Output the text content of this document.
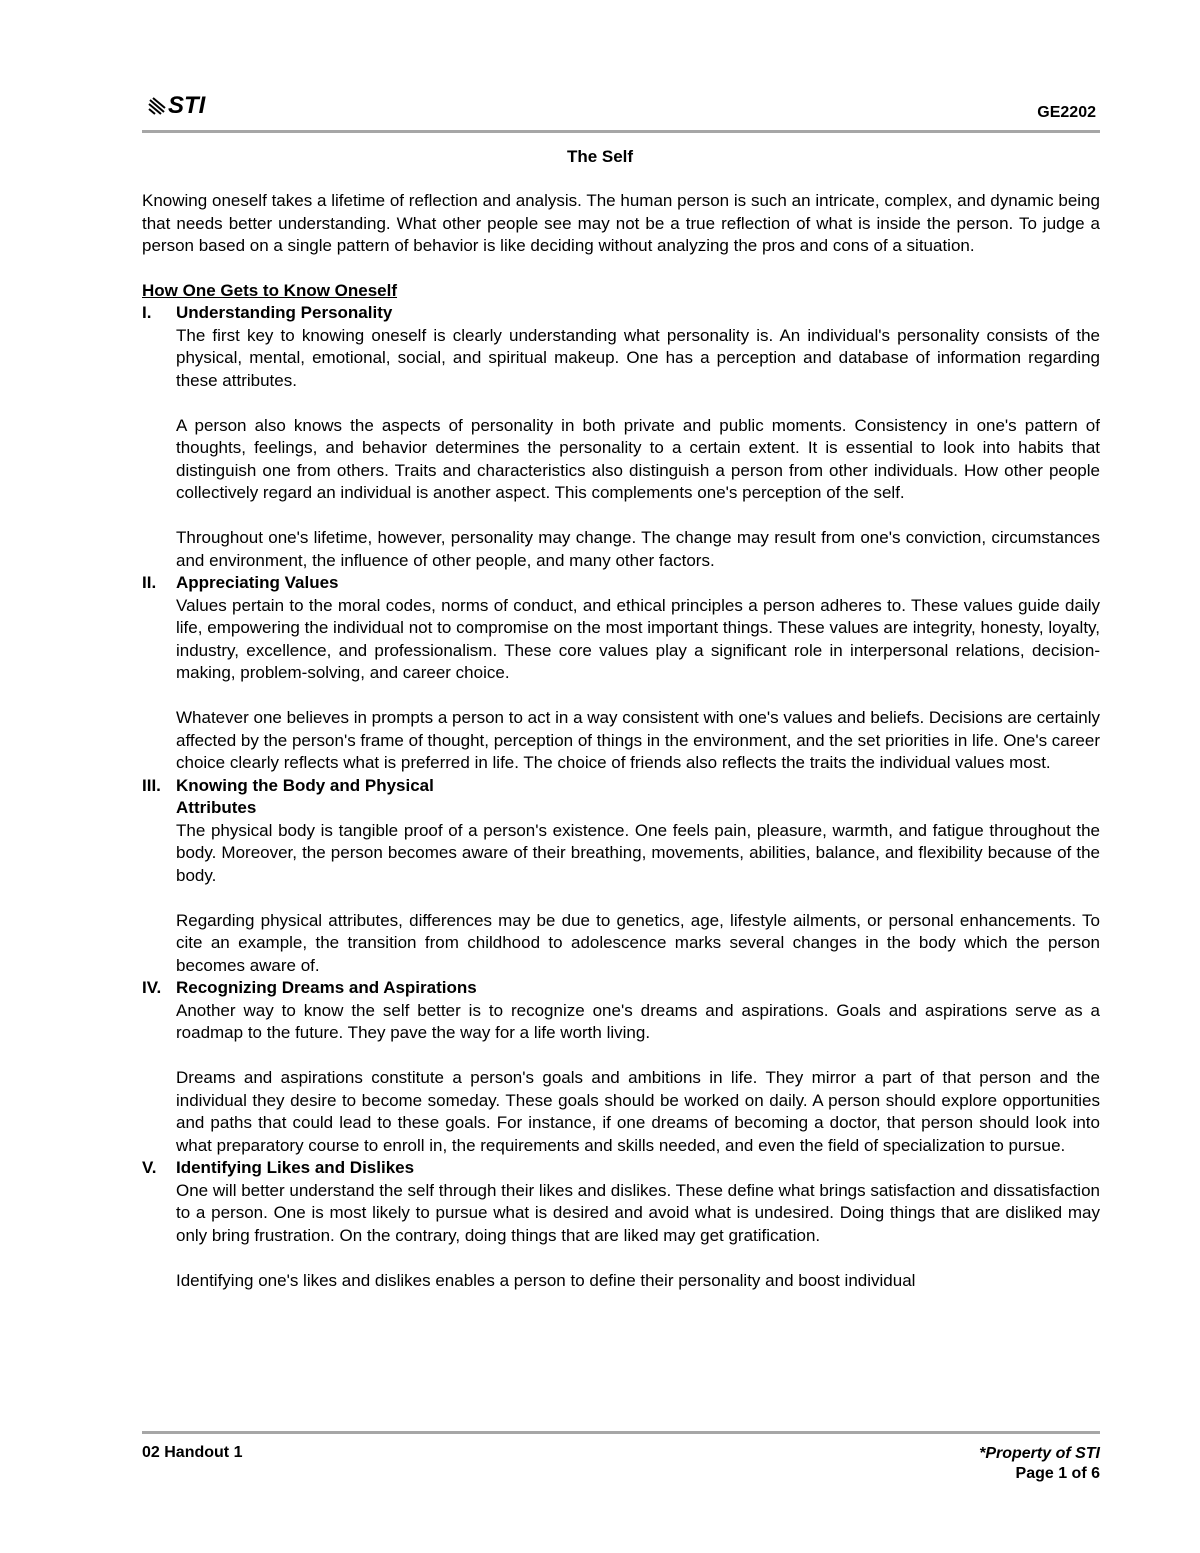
STI	GE2202
The Self

Knowing oneself takes a lifetime of reflection and analysis. The human person is such an intricate, complex, and dynamic being that needs better understanding. What other people see may not be a true reflection of what is inside the person. To judge a person based on a single pattern of behavior is like deciding without analyzing the pros and cons of a situation.

How One Gets to Know Oneself
I.	Understanding Personality

The first key to knowing oneself is clearly understanding what personality is. An individual's personality consists of the physical, mental, emotional, social, and spiritual makeup. One has a perception and database of information regarding these attributes.

A person also knows the aspects of personality in both private and public moments. Consistency in one's pattern of thoughts, feelings, and behavior determines the personality to a certain extent. It is essential to look into habits that distinguish one from others. Traits and characteristics also distinguish a person from other individuals. How other people collectively regard an individual is another aspect. This complements one's perception of the self.

Throughout one's lifetime, however, personality may change. The change may result from one's conviction, circumstances and environment, the influence of other people, and many other factors.

II.	Appreciating Values

Values pertain to the moral codes, norms of conduct, and ethical principles a person adheres to. These values guide daily life, empowering the individual not to compromise on the most important things. These values are integrity, honesty, loyalty, industry, excellence, and professionalism. These core values play a significant role in interpersonal relations, decision-making, problem-solving, and career choice.

Whatever one believes in prompts a person to act in a way consistent with one's values and beliefs. Decisions are certainly affected by the person's frame of thought, perception of things in the environment, and the set priorities in life. One's career choice clearly reflects what is preferred in life. The choice of friends also reflects the traits the individual values most.

III. Knowing the Body and Physical
Attributes

The physical body is tangible proof of a person's existence. One feels pain, pleasure, warmth, and fatigue throughout the body. Moreover, the person becomes aware of their breathing, movements, abilities, balance, and flexibility because of the body.

Regarding physical attributes, differences may be due to genetics, age, lifestyle ailments, or personal enhancements. To cite an example, the transition from childhood to adolescence marks several changes in the body which the person becomes aware of.

IV. Recognizing Dreams and Aspirations

Another way to know the self better is to recognize one's dreams and aspirations. Goals and aspirations serve as a roadmap to the future. They pave the way for a life worth living.

Dreams and aspirations constitute a person's goals and ambitions in life. They mirror a part of that person and the individual they desire to become someday. These goals should be worked on daily. A person should explore opportunities and paths that could lead to these goals. For instance, if one dreams of becoming a doctor, that person should look into what preparatory course to enroll in, the requirements and skills needed, and even the field of specialization to pursue.

V.	Identifying Likes and Dislikes

One will better understand the self through their likes and dislikes. These define what brings satisfaction and dissatisfaction to a person. One is most likely to pursue what is desired and avoid what is undesired. Doing things that are disliked may only bring frustration. On the contrary, doing things that are liked may get gratification.

Identifying one's likes and dislikes enables a person to define their personality and boost individual

02 Handout 1	*Property of STI
Page 1 of 6
